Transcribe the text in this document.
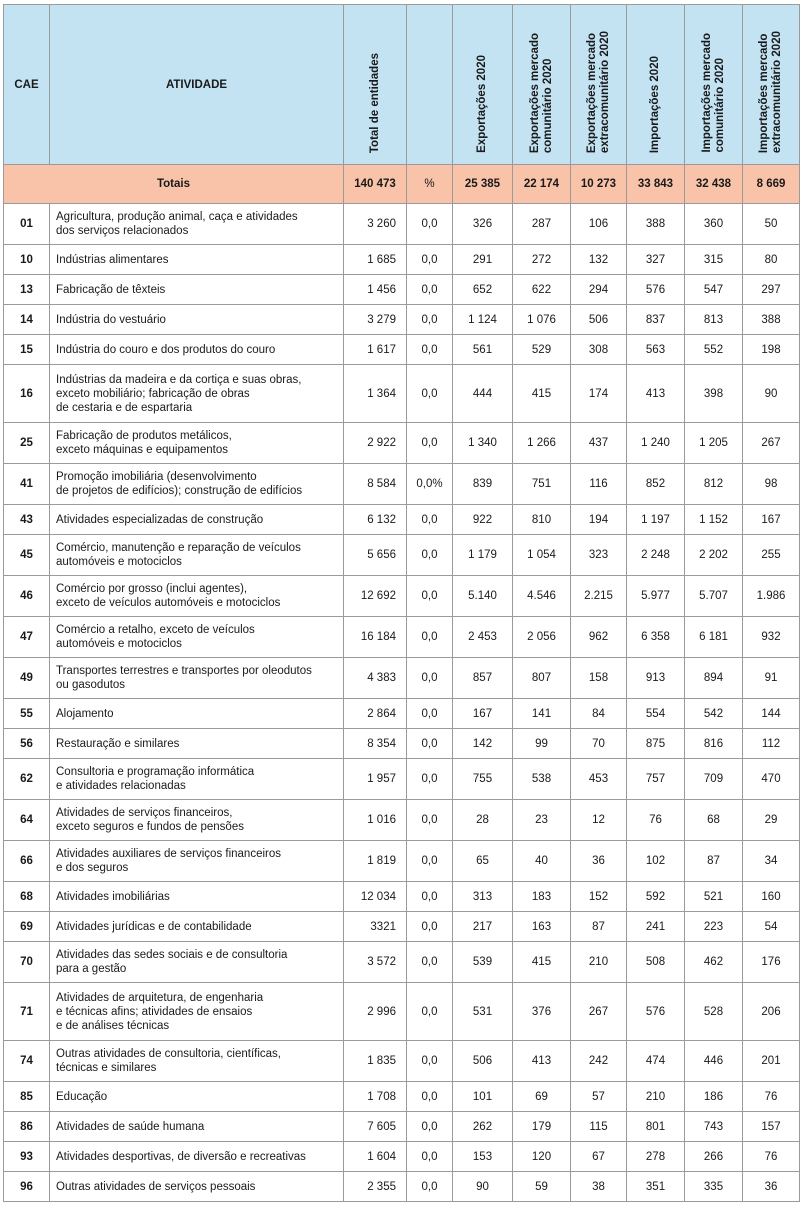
CAE	ATIVIDADE	Total de entidades		Exportações 2020	Exportações mercado
comunitário 2020	Exportações mercado
extracomunitário 2020	Importações 2020	Importações mercado
comunitário 2020	Importações mercado
extracomunitário 2020
Totais		140 473	%	25 385	22 174	10 273	33 843	32 438	8 669
01	Agricultura, produção animal, caça e atividades
dos serviços relacionados	3 260	0,0	326	287	106	388	360	50
10	Indústrias alimentares	1 685	0,0	291	272	132	327	315	80
13	Fabricação de têxteis	1 456	0,0	652	622	294	576	547	297
14	Indústria do vestuário	3 279	0,0	1 124	1 076	506	837	813	388
15	Indústria do couro e dos produtos do couro	1 617	0,0	561	529	308	563	552	198
16	Indústrias da madeira e da cortiça e suas obras,
exceto mobiliário; fabricação de obras
de cestaria e de espartaria	1 364	0,0	444	415	174	413	398	90
25	Fabricação de produtos metálicos,
exceto máquinas e equipamentos	2 922	0,0	1 340	1 266	437	1 240	1 205	267
41	Promoção imobiliária (desenvolvimento
de projetos de edifícios); construção de edifícios	8 584	0,0%	839	751	116	852	812	98
43	Atividades especializadas de construção	6 132	0,0	922	810	194	1 197	1 152	167
45	Comércio, manutenção e reparação de veículos
automóveis e motociclos	5 656	0,0	1 179	1 054	323	2 248	2 202	255
46	Comércio por grosso (inclui agentes),
exceto de veículos automóveis e motociclos	12 692	0,0	5.140	4.546	2.215	5.977	5.707	1.986
47	Comércio a retalho, exceto de veículos
automóveis e motociclos	16 184	0,0	2 453	2 056	962	6 358	6 181	932
49	Transportes terrestres e transportes por oleodutos
ou gasodutos	4 383	0,0	857	807	158	913	894	91
55	Alojamento	2 864	0,0	167	141	84	554	542	144
56	Restauração e similares	8 354	0,0	142	99	70	875	816	112
62	Consultoria e programação informática
e atividades relacionadas	1 957	0,0	755	538	453	757	709	470
64	Atividades de serviços financeiros,
exceto seguros e fundos de pensões	1 016	0,0	28	23	12	76	68	29
66	Atividades auxiliares de serviços financeiros
e dos seguros	1 819	0,0	65	40	36	102	87	34
68	Atividades imobiliárias	12 034	0,0	313	183	152	592	521	160
69	Atividades jurídicas e de contabilidade	3321	0,0	217	163	87	241	223	54
70	Atividades das sedes sociais e de consultoria
para a gestão	3 572	0,0	539	415	210	508	462	176
71	Atividades de arquitetura, de engenharia
e técnicas afins; atividades de ensaios
e de análises técnicas	2 996	0,0	531	376	267	576	528	206
74	Outras atividades de consultoria, científicas,
técnicas e similares	1 835	0,0	506	413	242	474	446	201
85	Educação	1 708	0,0	101	69	57	210	186	76
86	Atividades de saúde humana	7 605	0,0	262	179	115	801	743	157
93	Atividades desportivas, de diversão e recreativas	1 604	0,0	153	120	67	278	266	76
96	Outras atividades de serviços pessoais	2 355	0,0	90	59	38	351	335	36
